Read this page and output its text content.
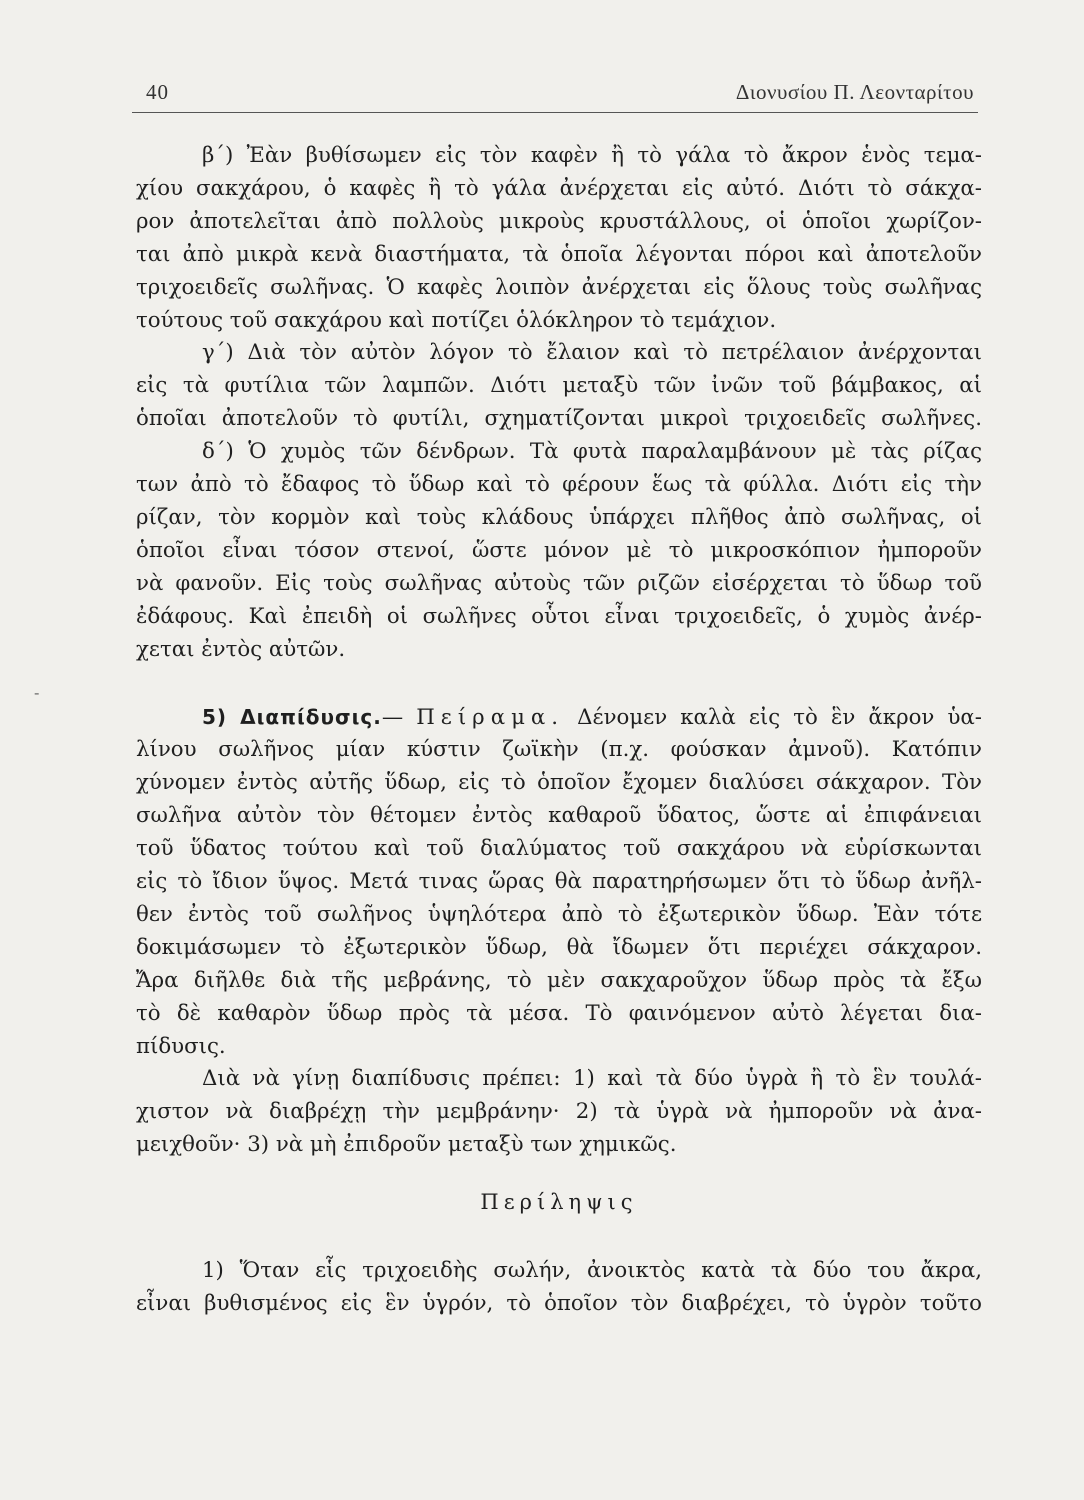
40	Διονυσίου Π. Λεονταρίτου
-
β΄) Ἐὰν βυθίσωμεν εἰς τὸν καφὲν ἢ τὸ γάλα τὸ ἄκρον ἑνὸς τεμα-
χίου σακχάρου, ὁ καφὲς ἢ τὸ γάλα ἀνέρχεται εἰς αὐτό. Διότι τὸ σάκχα-
ρον ἀποτελεῖται ἀπὸ πολλοὺς μικροὺς κρυστάλλους, οἱ ὁποῖοι χωρίζον-
ται ἀπὸ μικρὰ κενὰ διαστήματα, τὰ ὁποῖα λέγονται πόροι καὶ ἀποτελοῦν
τριχοειδεῖς σωλῆνας. Ὁ καφὲς λοιπὸν ἀνέρχεται εἰς ὅλους τοὺς σωλῆνας
τούτους τοῦ σακχάρου καὶ ποτίζει ὁλόκληρον τὸ τεμάχιον.
γ΄) Διὰ τὸν αὐτὸν λόγον τὸ ἔλαιον καὶ τὸ πετρέλαιον ἀνέρχονται
εἰς τὰ φυτίλια τῶν λαμπῶν. Διότι μεταξὺ τῶν ἰνῶν τοῦ βάμβακος, αἱ
ὁποῖαι ἀποτελοῦν τὸ φυτίλι, σχηματίζονται μικροὶ τριχοειδεῖς σωλῆνες.
δ΄) Ὁ χυμὸς τῶν δένδρων. Τὰ φυτὰ παραλαμβάνουν μὲ τὰς ρίζας
των ἀπὸ τὸ ἔδαφος τὸ ὕδωρ καὶ τὸ φέρουν ἕως τὰ φύλλα. Διότι εἰς τὴν
ρίζαν, τὸν κορμὸν καὶ τοὺς κλάδους ὑπάρχει πλῆθος ἀπὸ σωλῆνας, οἱ
ὁποῖοι εἶναι τόσον στενοί, ὥστε μόνον μὲ τὸ μικροσκόπιον ἠμποροῦν
νὰ φανοῦν. Εἰς τοὺς σωλῆνας αὐτοὺς τῶν ριζῶν εἰσέρχεται τὸ ὕδωρ τοῦ
ἐδάφους. Καὶ ἐπειδὴ οἱ σωλῆνες οὗτοι εἶναι τριχοειδεῖς, ὁ χυμὸς ἀνέρ-
χεται ἐντὸς αὐτῶν.
5) Διαπίδυσις.— Πείραμα. Δένομεν καλὰ εἰς τὸ ἓν ἄκρον ὑα-
λίνου σωλῆνος μίαν κύστιν ζωϊκὴν (π.χ. φούσκαν ἀμνοῦ). Κατόπιν
χύνομεν ἐντὸς αὐτῆς ὕδωρ, εἰς τὸ ὁποῖον ἔχομεν διαλύσει σάκχαρον. Τὸν
σωλῆνα αὐτὸν τὸν θέτομεν ἐντὸς καθαροῦ ὕδατος, ὥστε αἱ ἐπιφάνειαι
τοῦ ὕδατος τούτου καὶ τοῦ διαλύματος τοῦ σακχάρου νὰ εὑρίσκωνται
εἰς τὸ ἴδιον ὕψος. Μετά τινας ὥρας θὰ παρατηρήσωμεν ὅτι τὸ ὕδωρ ἀνῆλ-
θεν ἐντὸς τοῦ σωλῆνος ὑψηλότερα ἀπὸ τὸ ἐξωτερικὸν ὕδωρ. Ἐὰν τότε
δοκιμάσωμεν τὸ ἐξωτερικὸν ὕδωρ, θὰ ἴδωμεν ὅτι περιέχει σάκχαρον.
Ἄρα διῆλθε διὰ τῆς μεβράνης, τὸ μὲν σακχαροῦχον ὕδωρ πρὸς τὰ ἔξω
τὸ δὲ καθαρὸν ὕδωρ πρὸς τὰ μέσα. Τὸ φαινόμενον αὐτὸ λέγεται δια-
πίδυσις.
Διὰ νὰ γίνῃ διαπίδυσις πρέπει: 1) καὶ τὰ δύο ὑγρὰ ἢ τὸ ἓν τουλά-
χιστον νὰ διαβρέχῃ τὴν μεμβράνην· 2) τὰ ὑγρὰ νὰ ἠμποροῦν νὰ ἀνα-
μειχθοῦν· 3) νὰ μὴ ἐπιδροῦν μεταξὺ των χημικῶς.
Περίληψις
1) Ὅταν εἷς τριχοειδὴς σωλήν, ἀνοικτὸς κατὰ τὰ δύο του ἄκρα,
εἶναι βυθισμένος εἰς ἓν ὑγρόν, τὸ ὁποῖον τὸν διαβρέχει, τὸ ὑγρὸν τοῦτο
